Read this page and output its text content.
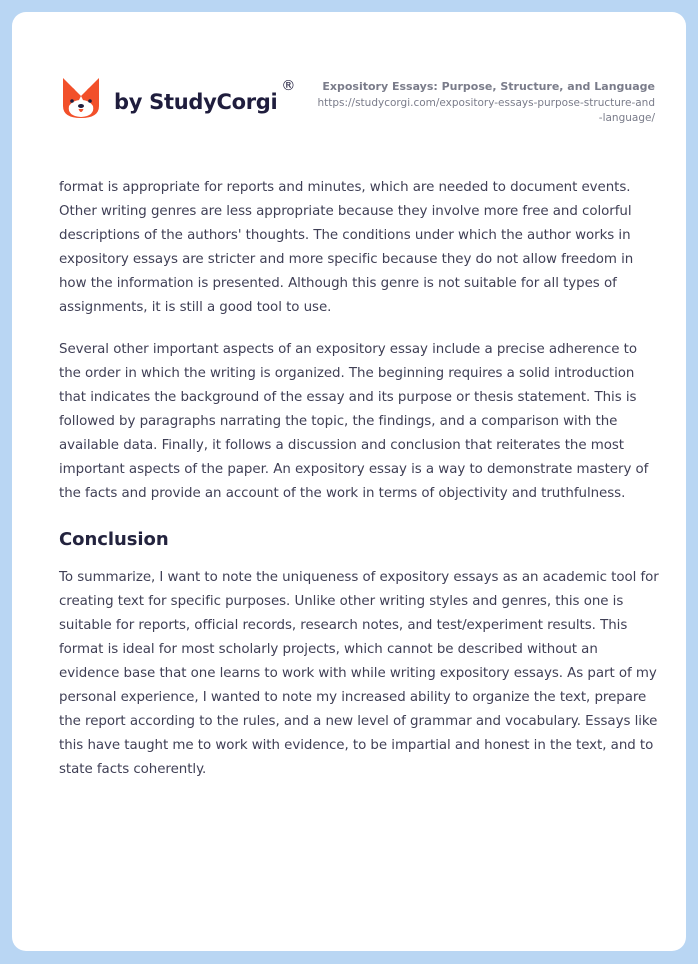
by StudyCorgi
®	Expository Essays: Purpose, Structure, and Language
https://studycorgi.com/expository-essays-purpose-structure-and-language/

format is appropriate for reports and minutes, which are needed to document events. Other writing genres are less appropriate because they involve more free and colorful descriptions of the authors' thoughts. The conditions under which the author works in expository essays are stricter and more specific because they do not allow freedom in how the information is presented. Although this genre is not suitable for all types of assignments, it is still a good tool to use.

Several other important aspects of an expository essay include a precise adherence to the order in which the writing is organized. The beginning requires a solid introduction that indicates the background of the essay and its purpose or thesis statement. This is followed by paragraphs narrating the topic, the findings, and a comparison with the available data. Finally, it follows a discussion and conclusion that reiterates the most important aspects of the paper. An expository essay is a way to demonstrate mastery of the facts and provide an account of the work in terms of objectivity and truthfulness.

Conclusion

To summarize, I want to note the uniqueness of expository essays as an academic tool for creating text for specific purposes. Unlike other writing styles and genres, this one is suitable for reports, official records, research notes, and test/experiment results. This format is ideal for most scholarly projects, which cannot be described without an evidence base that one learns to work with while writing expository essays. As part of my personal experience, I wanted to note my increased ability to organize the text, prepare the report according to the rules, and a new level of grammar and vocabulary. Essays like this have taught me to work with evidence, to be impartial and honest in the text, and to state facts coherently.
